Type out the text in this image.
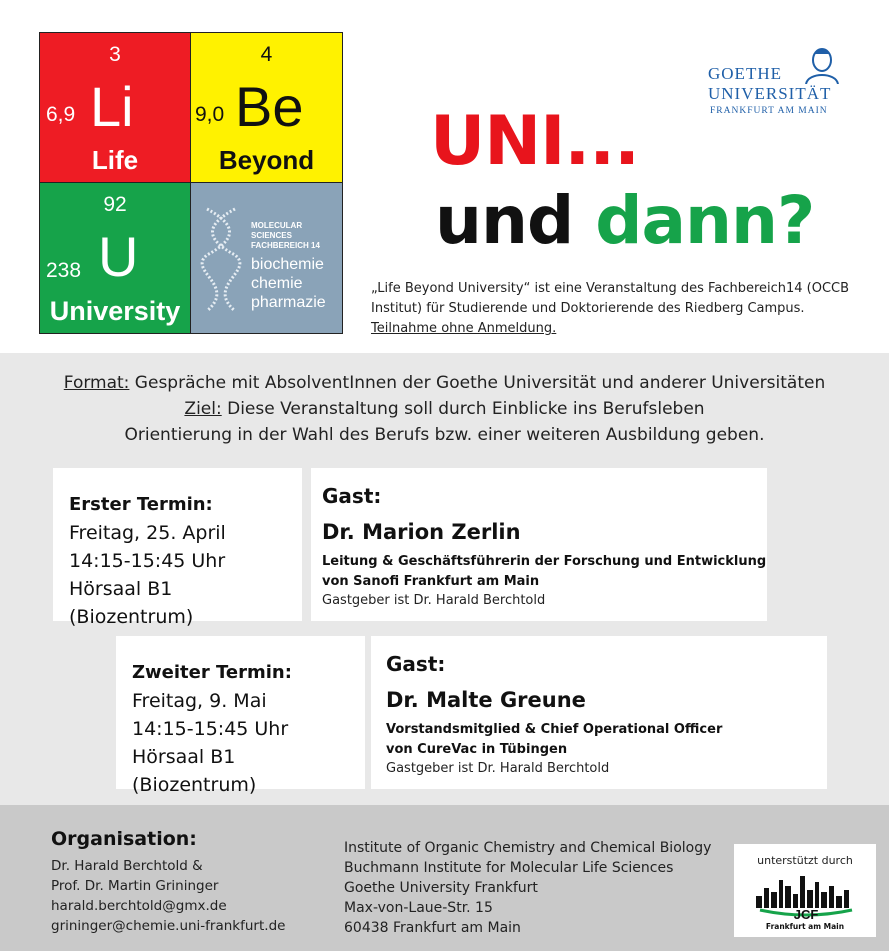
3
6,9 Li
Life
4
9,0 Be
Beyond
92
238 U
University
MOLECULAR SCIENCES
FACHBEREICH 14
biochemie
chemie
pharmazie
GOETHE
UNIVERSITÄT
FRANKFURT AM MAIN
UNI...
und dann?
„Life Beyond University“ ist eine Veranstaltung des Fachbereich14 (OCCB Institut) für Studierende und Doktorierende des Riedberg Campus.
Teilnahme ohne Anmeldung.
Format: Gespräche mit AbsolventInnen der Goethe Universität und anderer Universitäten
Ziel: Diese Veranstaltung soll durch Einblicke ins Berufsleben
Orientierung in der Wahl des Berufs bzw. einer weiteren Ausbildung geben.
Erster Termin:
Freitag, 25. April
14:15-15:45 Uhr
Hörsaal B1 (Biozentrum)
Gast:
Dr. Marion Zerlin
Leitung & Geschäftsführerin der Forschung und Entwicklung
von Sanofi Frankfurt am Main
Gastgeber ist Dr. Harald Berchtold
Zweiter Termin:
Freitag, 9. Mai
14:15-15:45 Uhr
Hörsaal B1 (Biozentrum)
Gast:
Dr. Malte Greune
Vorstandsmitglied & Chief Operational Officer
von CureVac in Tübingen
Gastgeber ist Dr. Harald Berchtold
Organisation:
Dr. Harald Berchtold &
Prof. Dr. Martin Grininger
harald.berchtold@gmx.de
grininger@chemie.uni-frankfurt.de
Institute of Organic Chemistry and Chemical Biology
Buchmann Institute for Molecular Life Sciences
Goethe University Frankfurt
Max-von-Laue-Str. 15
60438 Frankfurt am Main
unterstützt durch
JCF
Frankfurt am Main
